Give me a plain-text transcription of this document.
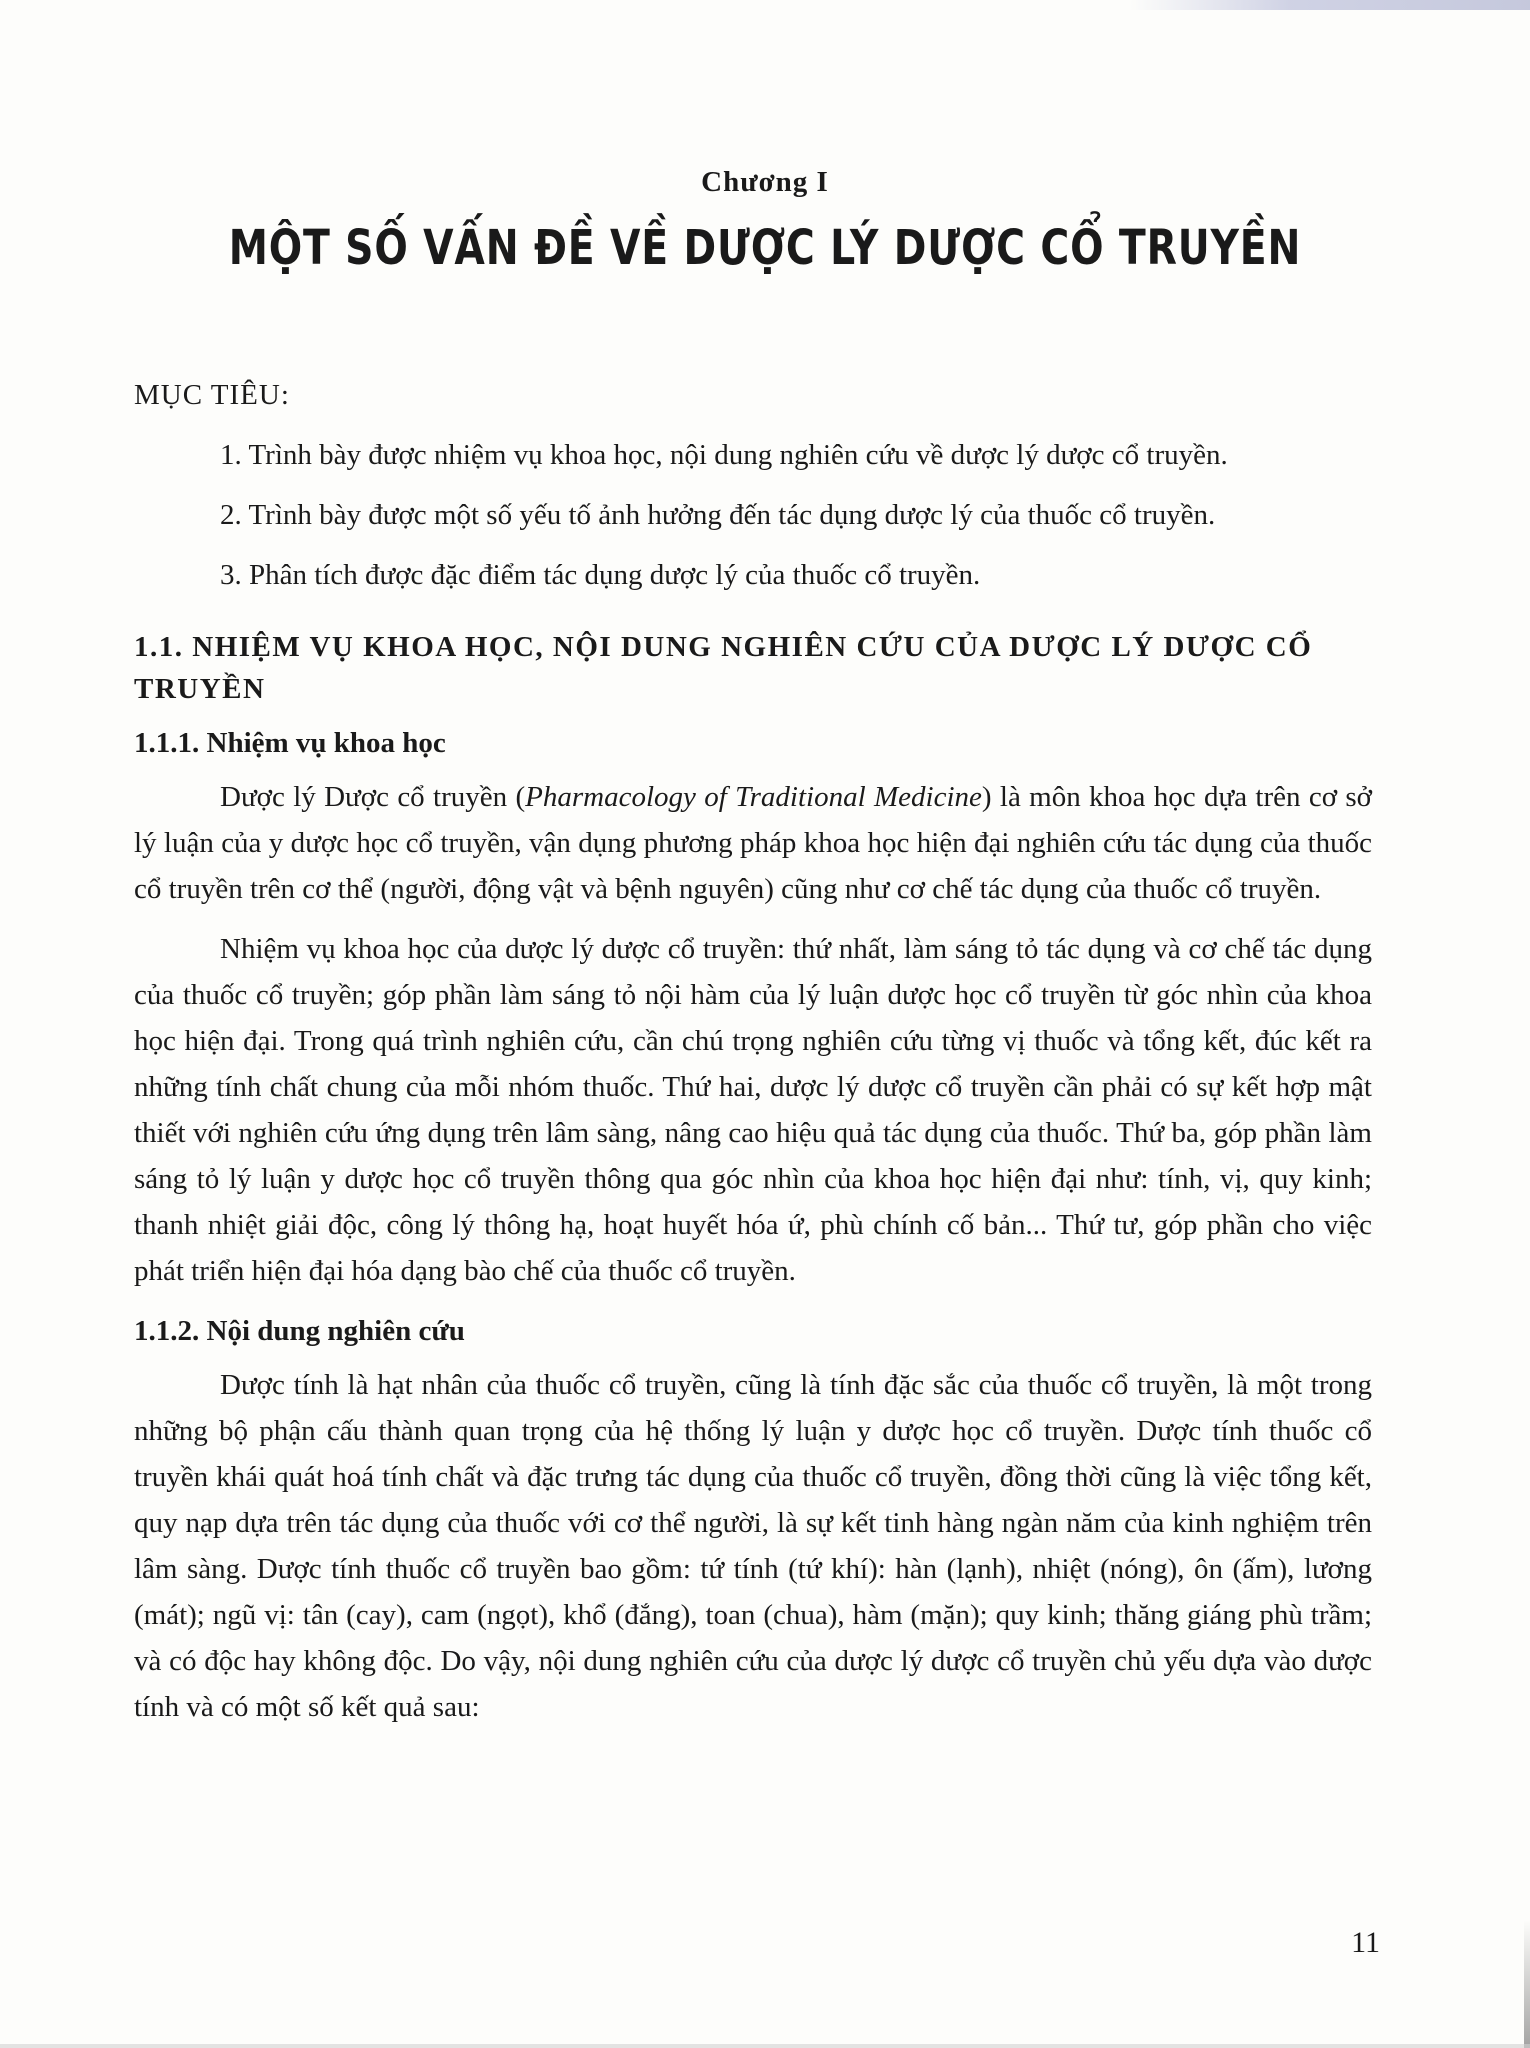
Chương I
MỘT SỐ VẤN ĐỀ VỀ DƯỢC LÝ DƯỢC CỔ TRUYỀN

MỤC TIÊU:

1. Trình bày được nhiệm vụ khoa học, nội dung nghiên cứu về dược lý dược cổ truyền.

2. Trình bày được một số yếu tố ảnh hưởng đến tác dụng dược lý của thuốc cổ truyền.

3. Phân tích được đặc điểm tác dụng dược lý của thuốc cổ truyền.

1.1. NHIỆM VỤ KHOA HỌC, NỘI DUNG NGHIÊN CỨU CỦA DƯỢC LÝ DƯỢC CỔ TRUYỀN

1.1.1. Nhiệm vụ khoa học

Dược lý Dược cổ truyền (Pharmacology of Traditional Medicine) là môn khoa học dựa trên cơ sở lý luận của y dược học cổ truyền, vận dụng phương pháp khoa học hiện đại nghiên cứu tác dụng của thuốc cổ truyền trên cơ thể (người, động vật và bệnh nguyên) cũng như cơ chế tác dụng của thuốc cổ truyền.

Nhiệm vụ khoa học của dược lý dược cổ truyền: thứ nhất, làm sáng tỏ tác dụng và cơ chế tác dụng của thuốc cổ truyền; góp phần làm sáng tỏ nội hàm của lý luận dược học cổ truyền từ góc nhìn của khoa học hiện đại. Trong quá trình nghiên cứu, cần chú trọng nghiên cứu từng vị thuốc và tổng kết, đúc kết ra những tính chất chung của mỗi nhóm thuốc. Thứ hai, dược lý dược cổ truyền cần phải có sự kết hợp mật thiết với nghiên cứu ứng dụng trên lâm sàng, nâng cao hiệu quả tác dụng của thuốc. Thứ ba, góp phần làm sáng tỏ lý luận y dược học cổ truyền thông qua góc nhìn của khoa học hiện đại như: tính, vị, quy kinh; thanh nhiệt giải độc, công lý thông hạ, hoạt huyết hóa ứ, phù chính cố bản... Thứ tư, góp phần cho việc phát triển hiện đại hóa dạng bào chế của thuốc cổ truyền.

1.1.2. Nội dung nghiên cứu

Dược tính là hạt nhân của thuốc cổ truyền, cũng là tính đặc sắc của thuốc cổ truyền, là một trong những bộ phận cấu thành quan trọng của hệ thống lý luận y dược học cổ truyền. Dược tính thuốc cổ truyền khái quát hoá tính chất và đặc trưng tác dụng của thuốc cổ truyền, đồng thời cũng là việc tổng kết, quy nạp dựa trên tác dụng của thuốc với cơ thể người, là sự kết tinh hàng ngàn năm của kinh nghiệm trên lâm sàng. Dược tính thuốc cổ truyền bao gồm: tứ tính (tứ khí): hàn (lạnh), nhiệt (nóng), ôn (ấm), lương (mát); ngũ vị: tân (cay), cam (ngọt), khổ (đắng), toan (chua), hàm (mặn); quy kinh; thăng giáng phù trầm; và có độc hay không độc. Do vậy, nội dung nghiên cứu của dược lý dược cổ truyền chủ yếu dựa vào dược tính và có một số kết quả sau:

11
